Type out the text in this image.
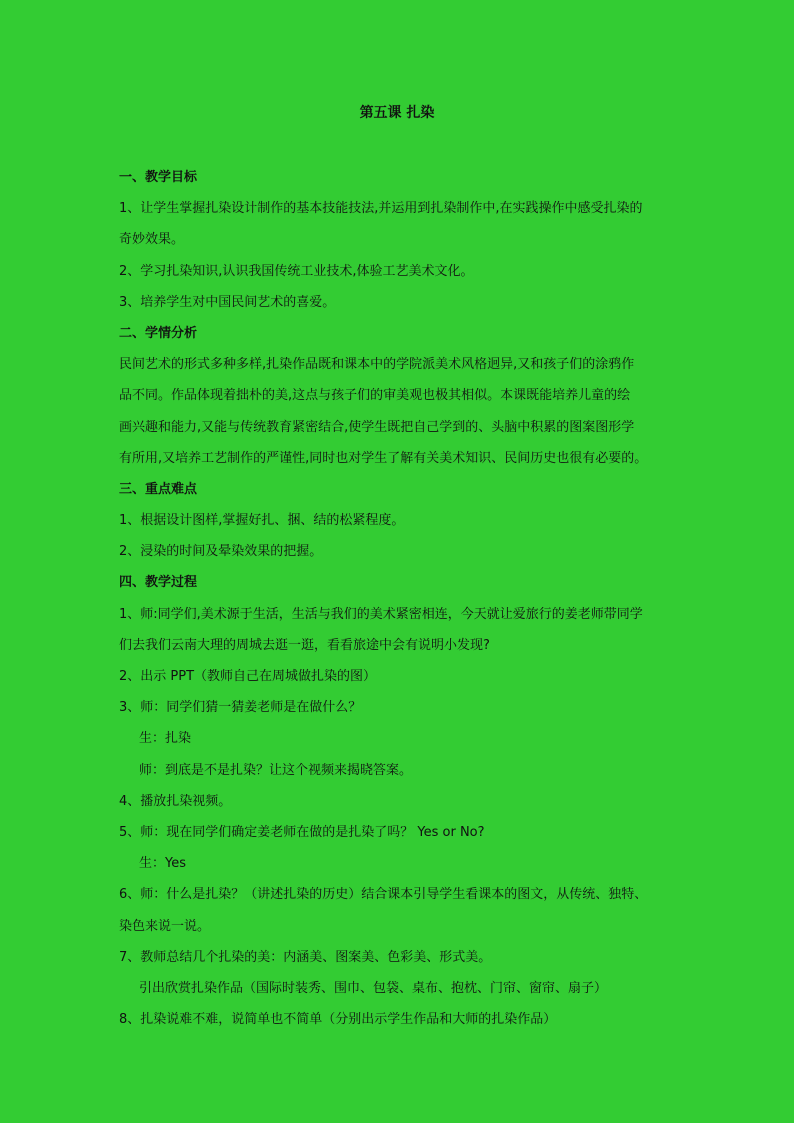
第五课 扎染
一、教学目标
1、让学生掌握扎染设计制作的基本技能技法,并运用到扎染制作中,在实践操作中感受扎染的
奇妙效果。
2、学习扎染知识,认识我国传统工业技术,体验工艺美术文化。
3、培养学生对中国民间艺术的喜爱。
二、学情分析
民间艺术的形式多种多样,扎染作品既和课本中的学院派美术风格迥异,又和孩子们的涂鸦作
品不同。作品体现着拙朴的美,这点与孩子们的审美观也极其相似。本课既能培养儿童的绘
画兴趣和能力,又能与传统教育紧密结合,使学生既把自己学到的、头脑中积累的图案图形学
有所用,又培养工艺制作的严谨性,同时也对学生了解有关美术知识、民间历史也很有必要的。
三、重点难点
1、根据设计图样,掌握好扎、捆、结的松紧程度。
2、浸染的时间及晕染效果的把握。
四、教学过程
1、师:同学们,美术源于生活，生活与我们的美术紧密相连，今天就让爱旅行的姜老师带同学
们去我们云南大理的周城去逛一逛，看看旅途中会有说明小发现?
2、出示 PPT（教师自己在周城做扎染的图）
3、师：同学们猜一猜姜老师是在做什么？
生：扎染
师：到底是不是扎染？让这个视频来揭晓答案。
4、播放扎染视频。
5、师：现在同学们确定姜老师在做的是扎染了吗？ Yes or No?
生：Yes
6、师：什么是扎染？（讲述扎染的历史）结合课本引导学生看课本的图文，从传统、独特、
染色来说一说。
7、教师总结几个扎染的美：内涵美、图案美、色彩美、形式美。
引出欣赏扎染作品（国际时装秀、围巾、包袋、桌布、抱枕、门帘、窗帘、扇子）
8、扎染说难不难，说简单也不简单（分别出示学生作品和大师的扎染作品）
